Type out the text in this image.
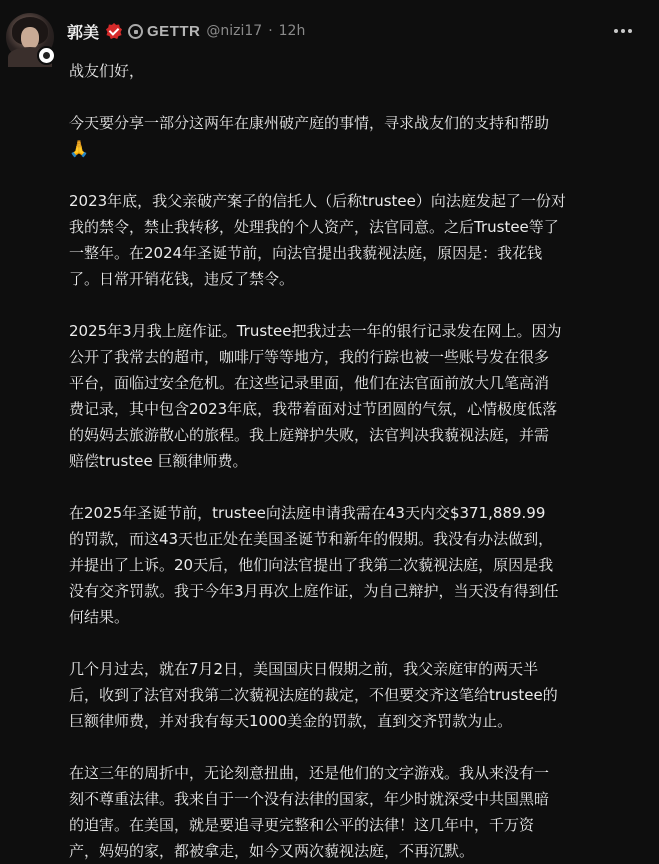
郭美	GETTR @nizi17 · 12h

战友们好，

今天要分享一部分这两年在康州破产庭的事情，寻求战友们的支持和帮助
🙏

2023年底，我父亲破产案子的信托人（后称trustee）向法庭发起了一份对
我的禁令，禁止我转移，处理我的个人资产，法官同意。之后Trustee等了
一整年。在2024年圣诞节前，向法官提出我藐视法庭，原因是：我花钱
了。日常开销花钱，违反了禁令。

2025年3月我上庭作证。Trustee把我过去一年的银行记录发在网上。因为
公开了我常去的超市，咖啡厅等等地方，我的行踪也被一些账号发在很多
平台，面临过安全危机。在这些记录里面，他们在法官面前放大几笔高消
费记录，其中包含2023年底，我带着面对过节团圆的气氛，心情极度低落
的妈妈去旅游散心的旅程。我上庭辩护失败，法官判决我藐视法庭，并需
赔偿trustee 巨额律师费。

在2025年圣诞节前，trustee向法庭申请我需在43天内交$371,889.99
的罚款，而这43天也正处在美国圣诞节和新年的假期。我没有办法做到，
并提出了上诉。20天后，他们向法官提出了我第二次藐视法庭，原因是我
没有交齐罚款。我于今年3月再次上庭作证，为自己辩护，当天没有得到任
何结果。

几个月过去，就在7月2日，美国国庆日假期之前，我父亲庭审的两天半
后，收到了法官对我第二次藐视法庭的裁定，不但要交齐这笔给trustee的
巨额律师费，并对我有每天1000美金的罚款，直到交齐罚款为止。

在这三年的周折中，无论刻意扭曲，还是他们的文字游戏。我从来没有一
刻不尊重法律。我来自于一个没有法律的国家，年少时就深受中共国黑暗
的迫害。在美国，就是要追寻更完整和公平的法律！这几年中，千万资
产，妈妈的家，都被拿走，如今又两次藐视法庭，不再沉默。
